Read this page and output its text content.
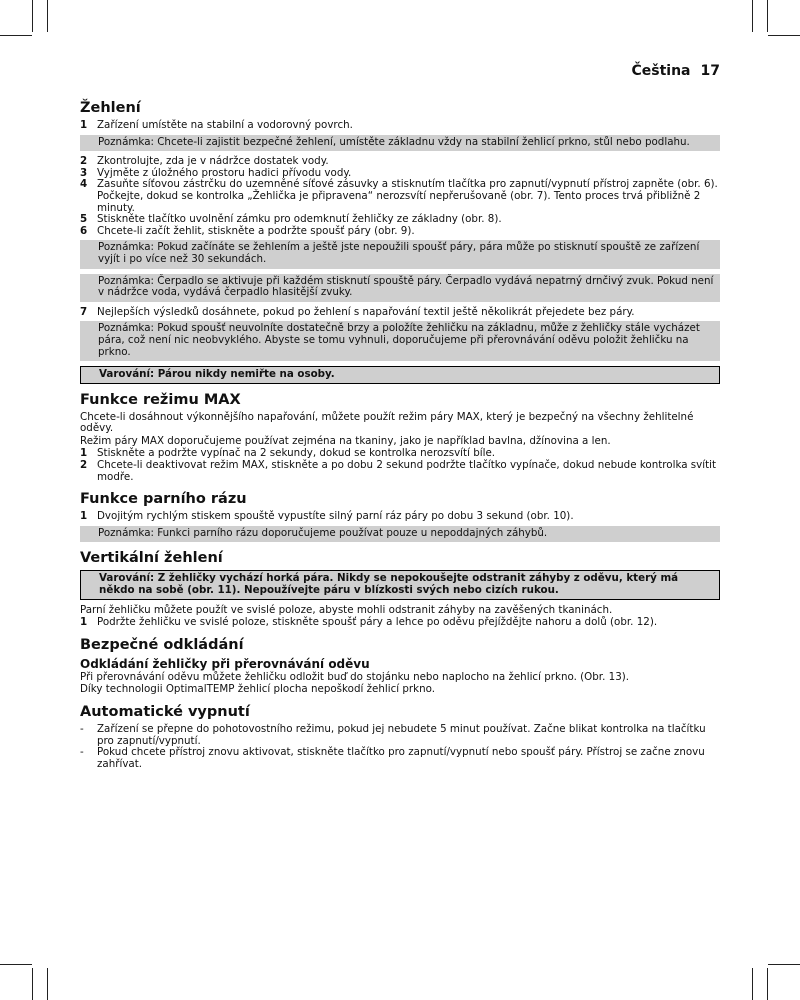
Čeština 17
Žehlení
1 Zařízení umístěte na stabilní a vodorovný povrch.
Poznámka: Chcete-li zajistit bezpečné žehlení, umístěte základnu vždy na stabilní žehlicí prkno, stůl nebo podlahu.
2 Zkontrolujte, zda je v nádržce dostatek vody.
3 Vyjměte z úložného prostoru hadici přívodu vody.
4 Zasuňte síťovou zástrčku do uzemněné síťové zásuvky a stisknutím tlačítka pro zapnutí/vypnutí přístroj zapněte (obr. 6). Počkejte, dokud se kontrolka „Žehlička je připravena“ nerozsvítí nepřerušovaně (obr. 7). Tento proces trvá přibližně 2 minuty.
5 Stiskněte tlačítko uvolnění zámku pro odemknutí žehličky ze základny (obr. 8).
6 Chcete-li začít žehlit, stiskněte a podržte spoušť páry (obr. 9).
Poznámka: Pokud začínáte se žehlením a ještě jste nepoužili spoušť páry, pára může po stisknutí spouště ze zařízení vyjít i po více než 30 sekundách.
Poznámka: Čerpadlo se aktivuje při každém stisknutí spouště páry. Čerpadlo vydává nepatrný drnčivý zvuk. Pokud není v nádržce voda, vydává čerpadlo hlasitější zvuky.
7 Nejlepších výsledků dosáhnete, pokud po žehlení s napařování textil ještě několikrát přejedete bez páry.
Poznámka: Pokud spoušť neuvolníte dostatečně brzy a položíte žehličku na základnu, může z žehličky stále vycházet pára, což není nic neobvyklého. Abyste se tomu vyhnuli, doporučujeme při přerovnávání oděvu položit žehličku na prkno.
Varování: Párou nikdy nemiřte na osoby.
Funkce režimu MAX
Chcete-li dosáhnout výkonnějšího napařování, můžete použít režim páry MAX, který je bezpečný na všechny žehlitelné oděvy.
Režim páry MAX doporučujeme používat zejména na tkaniny, jako je například bavlna, džínovina a len.
1 Stiskněte a podržte vypínač na 2 sekundy, dokud se kontrolka nerozsvítí bíle.
2 Chcete-li deaktivovat režim MAX, stiskněte a po dobu 2 sekund podržte tlačítko vypínače, dokud nebude kontrolka svítit modře.
Funkce parního rázu
1 Dvojitým rychlým stiskem spouště vypustíte silný parní ráz páry po dobu 3 sekund (obr. 10).
Poznámka: Funkci parního rázu doporučujeme používat pouze u nepoddajných záhybů.
Vertikální žehlení
Varování: Z žehličky vychází horká pára. Nikdy se nepokoušejte odstranit záhyby z oděvu, který má někdo na sobě (obr. 11). Nepoužívejte páru v blízkosti svých nebo cizích rukou.
Parní žehličku můžete použít ve svislé poloze, abyste mohli odstranit záhyby na zavěšených tkaninách.
1 Podržte žehličku ve svislé poloze, stiskněte spoušť páry a lehce po oděvu přejíždějte nahoru a dolů (obr. 12).
Bezpečné odkládání
Odkládání žehličky při přerovnávání oděvu
Při přerovnávání oděvu můžete žehličku odložit buď do stojánku nebo naplocho na žehlicí prkno. (Obr. 13).
Díky technologii OptimalTEMP žehlicí plocha nepoškodí žehlicí prkno.
Automatické vypnutí
-	Zařízení se přepne do pohotovostního režimu, pokud jej nebudete 5 minut používat. Začne blikat kontrolka na tlačítku pro zapnutí/vypnutí.
-	Pokud chcete přístroj znovu aktivovat, stiskněte tlačítko pro zapnutí/vypnutí nebo spoušť páry. Přístroj se začne znovu zahřívat.
